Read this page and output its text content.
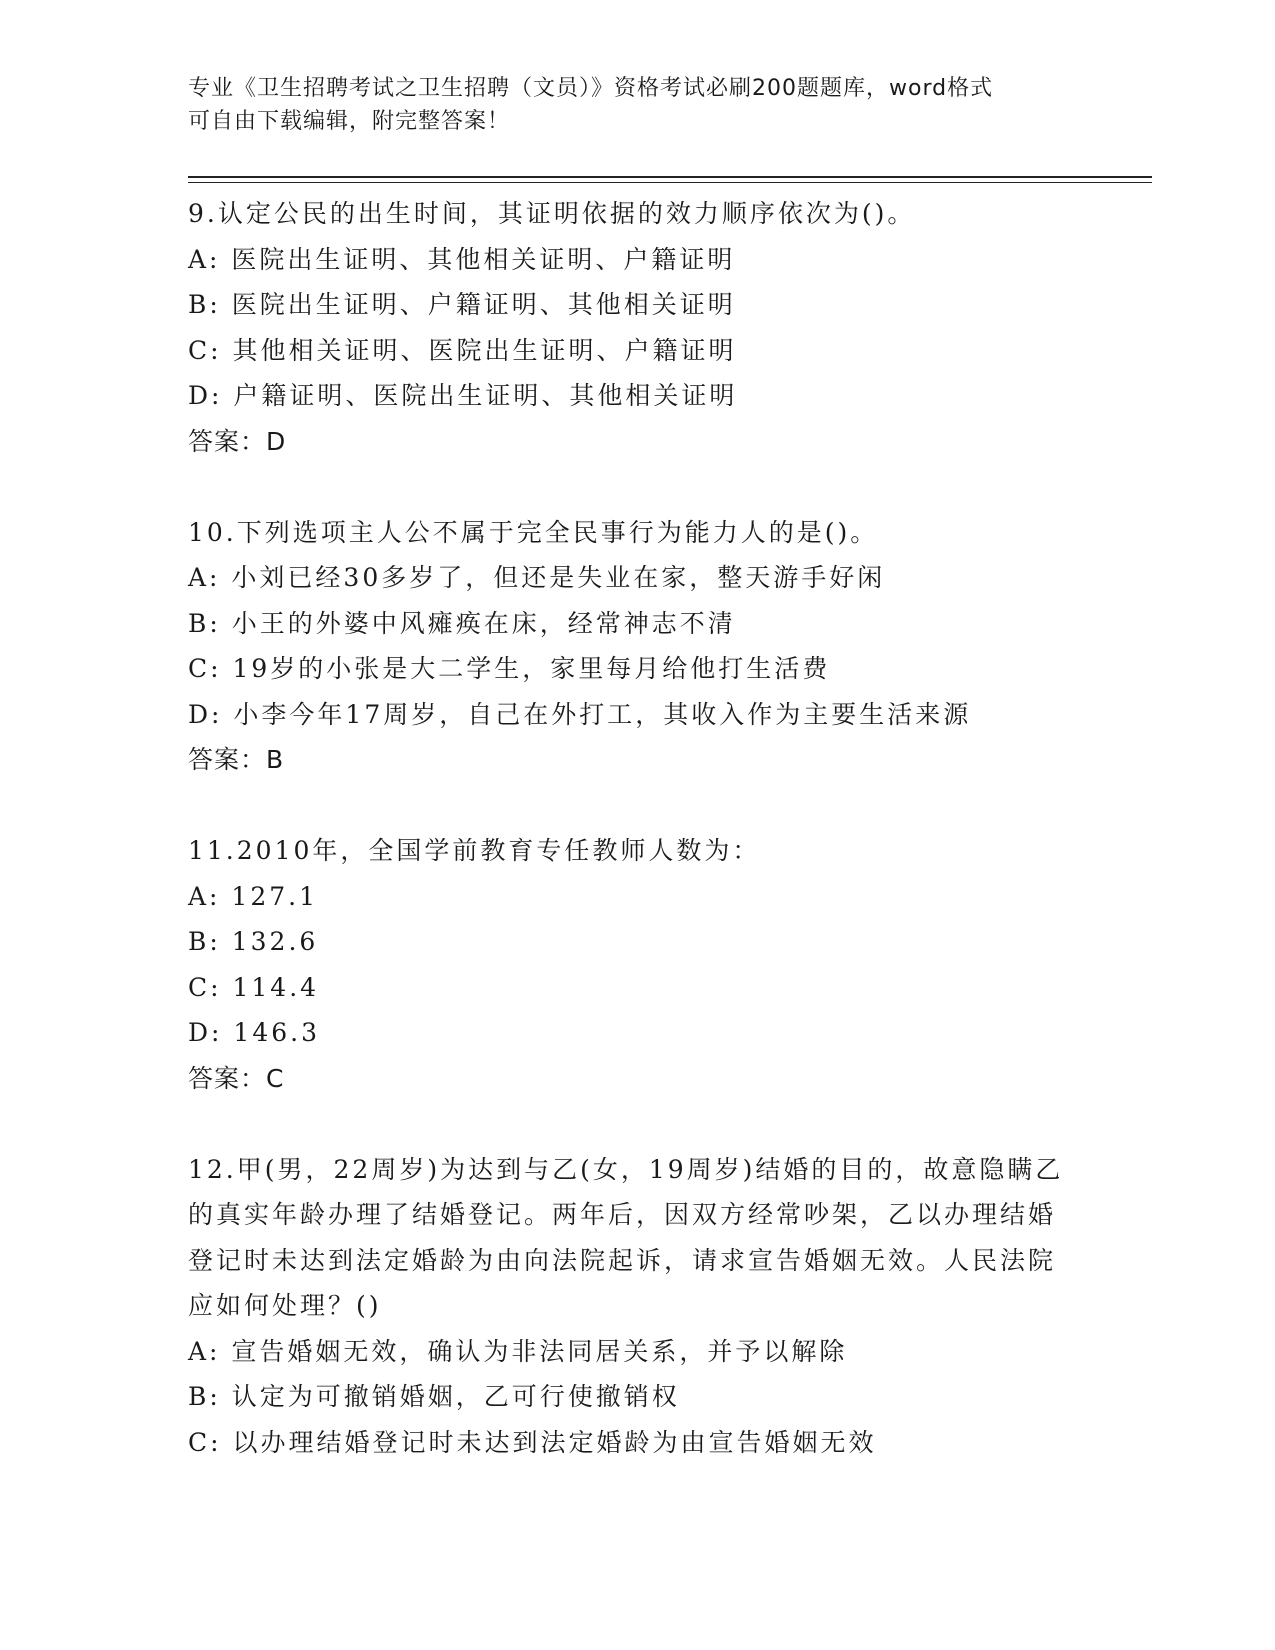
专业《卫生招聘考试之卫生招聘（文员）》资格考试必刷200题题库，word格式
可自由下载编辑，附完整答案！
9.认定公民的出生时间，其证明依据的效力顺序依次为()。
A: 医院出生证明、其他相关证明、户籍证明
B: 医院出生证明、户籍证明、其他相关证明
C: 其他相关证明、医院出生证明、户籍证明
D: 户籍证明、医院出生证明、其他相关证明
答案：D
10.下列选项主人公不属于完全民事行为能力人的是()。
A: 小刘已经30多岁了，但还是失业在家，整天游手好闲
B: 小王的外婆中风瘫痪在床，经常神志不清
C: 19岁的小张是大二学生，家里每月给他打生活费
D: 小李今年17周岁，自己在外打工，其收入作为主要生活来源
答案：B
11.2010年，全国学前教育专任教师人数为：
A: 127.1
B: 132.6
C: 114.4
D: 146.3
答案：C
12.甲(男，22周岁)为达到与乙(女，19周岁)结婚的目的，故意隐瞒乙的真实年龄办理了结婚登记。两年后，因双方经常吵架，乙以办理结婚登记时未达到法定婚龄为由向法院起诉，请求宣告婚姻无效。人民法院应如何处理？()
A: 宣告婚姻无效，确认为非法同居关系，并予以解除
B: 认定为可撤销婚姻，乙可行使撤销权
C: 以办理结婚登记时未达到法定婚龄为由宣告婚姻无效
